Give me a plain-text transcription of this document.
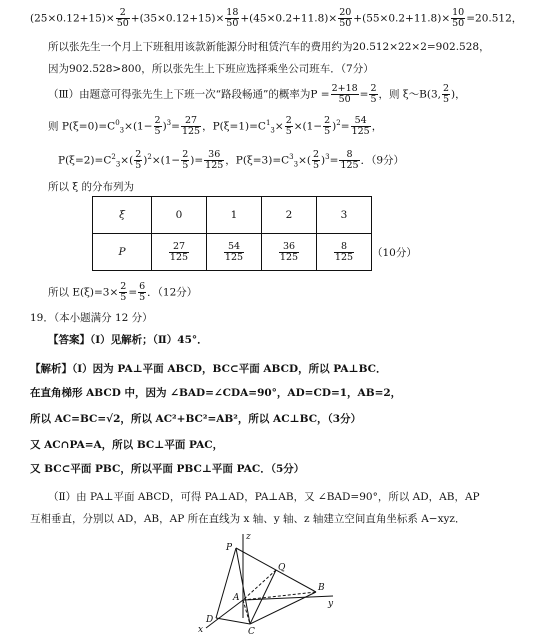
$(25\times 0.12+15)\times \frac{2}{50} +(35\times 0.12+15)\times \frac{18}{50} +(45\times 0.2+11.8)\times \frac{20}{50} +(55\times 0.2+11.8)\times \frac{10}{50} =20.512$，
所以张先生一个月上下班租用该款新能源分时租赁汽车的费用约为20.512×22×2=902.528，
因为902.528>800，所以张先生上下班应选择乘坐公司班车．（7分）
（Ⅲ）由题意可得张先生上下班一次“路段畅通”的概率为$P = \frac{2+18}{50} = \frac{2}{5}$ ，则 ξ～B(3, $\frac{2}{5}$ )，
则 $P(\xi=0)=C^0_3\times(1- \frac{2}{5} )^3= \frac{27}{125}$ ，$P(\xi=1)=C^1_3\times \frac{2}{5} \times(1- \frac{2}{5} )^2= \frac{54}{125}$ ，
$P(\xi=2)=C^2_3\times( \frac{2}{5} )^2\times(1- \frac{2}{5}$ )= $\frac{36}{125}$ ，$P(\xi=3)=C^3_3\times( \frac{2}{5} )^3= \frac{8}{125}$ ．（9分）
所以 ξ 的分布列为
ξ	0	1	2	3
P	$\frac{27}{125}$	$\frac{54}{125}$	$\frac{36}{125}$	$\frac{8}{125} (10$分）
所以 $E(\xi)=3\times \frac{2}{5} = \frac{6}{5}$ ．（12分）
19．（本小题满分 12 分）
【答案】（Ⅰ）见解析；（Ⅱ）45°．
【解析】（Ⅰ）因为 PA⊥平面 ABCD，BC⊂平面 ABCD，所以 PA⊥BC．
在直角梯形 ABCD 中，因为 ∠BAD=∠CDA=90°，AD=CD=1，AB=2，
所以 AC=BC=√2，所以 AC²+BC²=AB²，所以 AC⊥BC，（3分）
又 AC∩PA=A，所以 BC⊥平面 PAC，
又 BC⊂平面 PBC，所以平面 PBC⊥平面 PAC．（5分）
（Ⅱ）由 PA⊥平面 ABCD，可得 PA⊥AD，PA⊥AB，又 ∠BAD=90°，所以 AD，AB，AP
互相垂直，分别以 AD，AB，AP 所在直线为 x 轴、y 轴、z 轴建立空间直角坐标系 A−xyz．
z
P
Q
A
B
y
D
x	C
